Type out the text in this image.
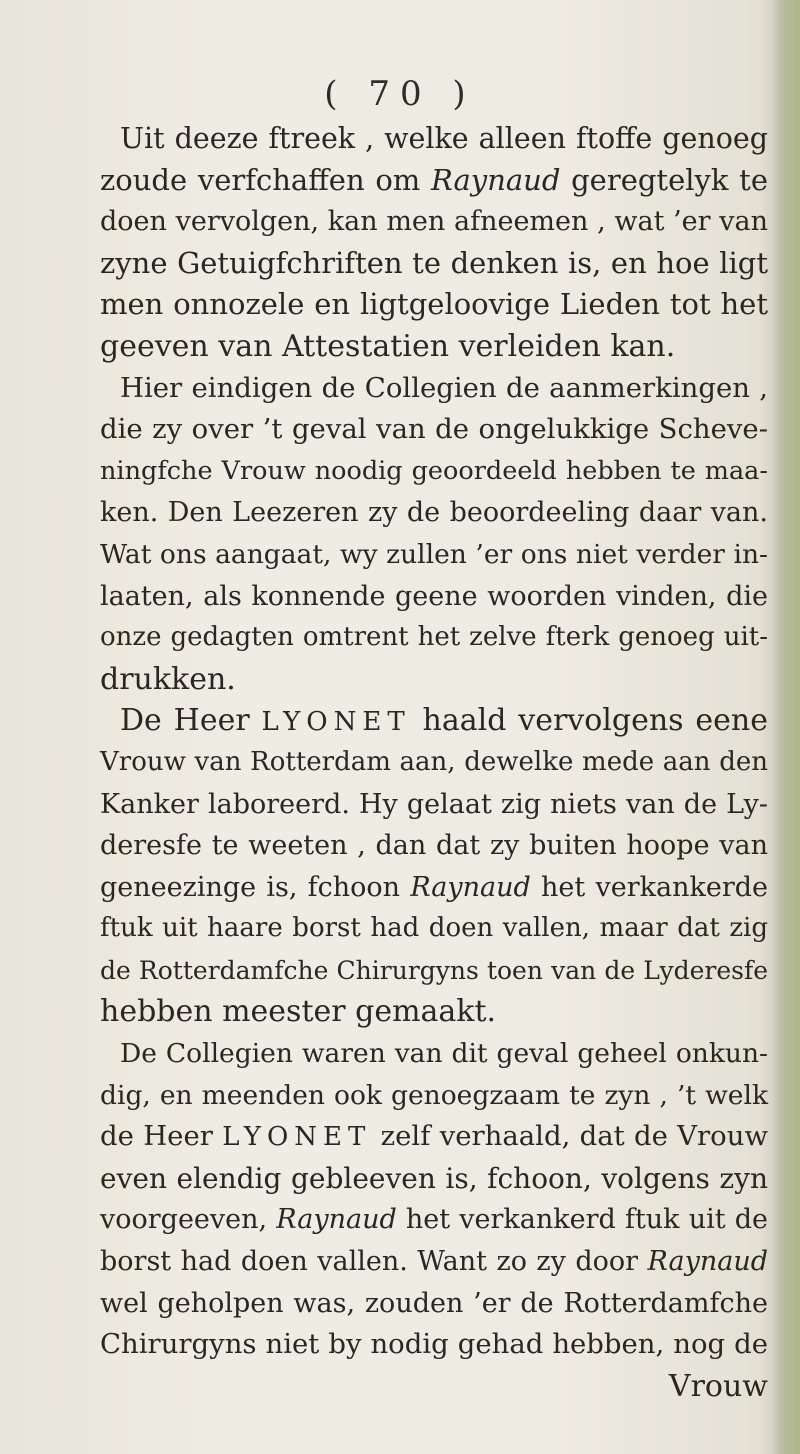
( 70 )
Uit deeze ftreek , welke alleen ftoffe genoeg
zoude verfchaffen om Raynaud geregtelyk te
doen vervolgen, kan men afneemen , wat ’er van
zyne Getuigfchriften te denken is, en hoe ligt
men onnozele en ligtgeloovige Lieden tot het
geeven van Attestatien verleiden kan.
Hier eindigen de Collegien de aanmerkingen ,
die zy over ’t geval van de ongelukkige Scheve-
ningfche Vrouw noodig geoordeeld hebben te maa-
ken. Den Leezeren zy de beoordeeling daar van.
Wat ons aangaat, wy zullen ’er ons niet verder in-
laaten, als konnende geene woorden vinden, die
onze gedagten omtrent het zelve fterk genoeg uit-
drukken.
De Heer LYONET haald vervolgens eene
Vrouw van Rotterdam aan, dewelke mede aan den
Kanker laboreerd. Hy gelaat zig niets van de Ly-
deresfe te weeten , dan dat zy buiten hoope van
geneezinge is, fchoon Raynaud het verkankerde
ftuk uit haare borst had doen vallen, maar dat zig
de Rotterdamfche Chirurgyns toen van de Lyderesfe
hebben meester gemaakt.
De Collegien waren van dit geval geheel onkun-
dig, en meenden ook genoegzaam te zyn , ’t welk
de Heer LYONET zelf verhaald, dat de Vrouw
even elendig gebleeven is, fchoon, volgens zyn
voorgeeven, Raynaud het verkankerd ftuk uit de
borst had doen vallen. Want zo zy door Raynaud
wel geholpen was, zouden ’er de Rotterdamfche
Chirurgyns niet by nodig gehad hebben, nog de
Vrouw
